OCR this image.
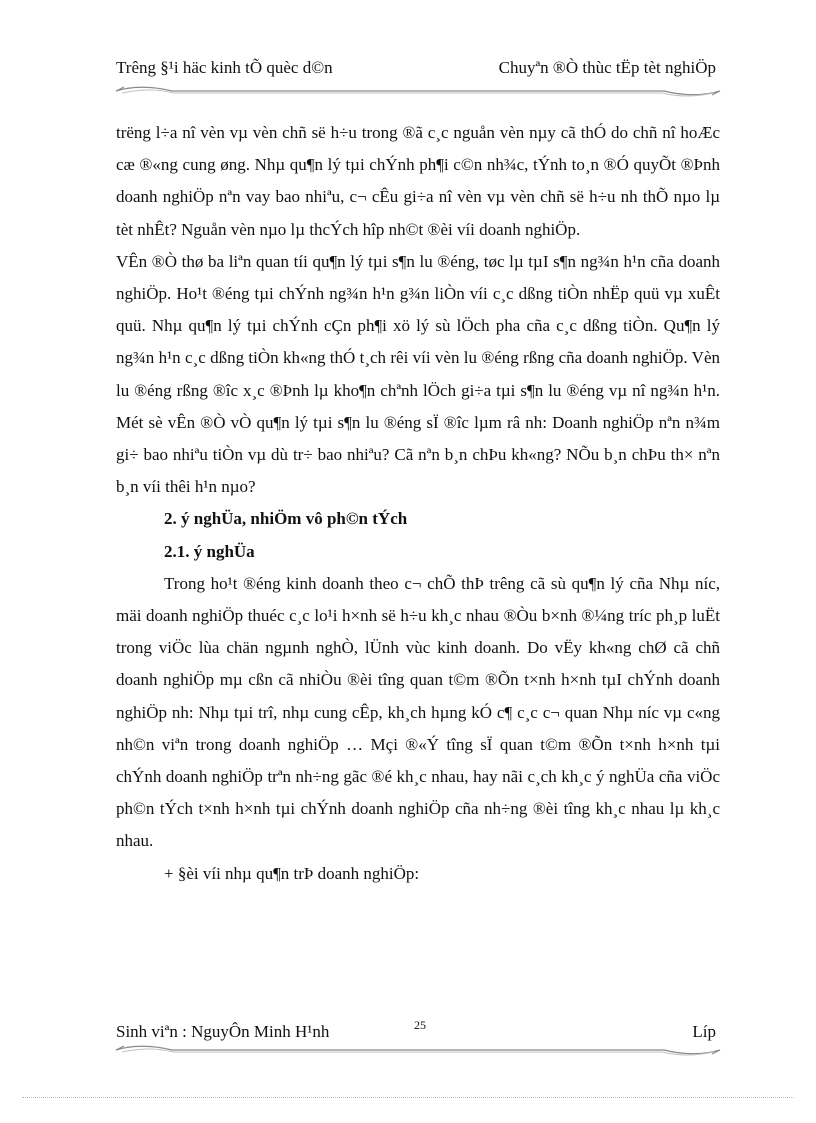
Trêng §¹i häc kinh tÕ quèc d©n	Chuyªn ®Ò thùc tËp tèt nghiÖp

trëng l÷a nî vèn vµ vèn chñ së h÷u trong ®ã c¸c nguån vèn nµy cã thÓ do chñ nî hoÆc cæ ®«ng cung øng. Nhµ qu¶n lý tµi chÝnh ph¶i c©n nh¾c, tÝnh to¸n ®Ó quyÕt ®Þnh doanh nghiÖp nªn vay bao nhiªu, c¬ cÊu gi÷a nî vèn vµ vèn chñ së h÷u nh thÕ nµo lµ tèt nhÊt? Nguån vèn nµo lµ thcÝch hîp nh©t ®èi víi doanh nghiÖp.

VÊn ®Ò thø ba liªn quan tíi qu¶n lý tµi s¶n lu ®éng, tøc lµ tµI s¶n ng¾n h¹n cña doanh nghiÖp. Ho¹t ®éng tµi chÝnh ng¾n h¹n g¾n liÒn víi c¸c dßng tiÒn nhËp quü vµ xuÊt quü. Nhµ qu¶n lý tµi chÝnh cÇn ph¶i xö lý sù lÖch pha cña c¸c dßng tiÒn. Qu¶n lý ng¾n h¹n c¸c dßng tiÒn kh«ng thÓ t¸ch rêi víi vèn lu ®éng rßng cña doanh nghiÖp. Vèn lu ®éng rßng ®îc x¸c ®Þnh lµ kho¶n chªnh lÖch gi÷a tµi s¶n lu ®éng vµ nî ng¾n h¹n. Mét sè vÊn ®Ò vÒ qu¶n lý tµi s¶n lu ®éng sÏ ®îc lµm râ nh: Doanh nghiÖp nªn n¾m gi÷ bao nhiªu tiÒn vµ dù tr÷ bao nhiªu? Cã nªn b¸n chÞu kh«ng? NÕu b¸n chÞu th× nªn b¸n víi thêi h¹n nµo?

2. ý nghÜa, nhiÖm vô ph©n tÝch

2.1. ý nghÜa

Trong ho¹t ®éng kinh doanh theo c¬ chÕ thÞ trêng cã sù qu¶n lý cña Nhµ níc, mäi doanh nghiÖp thuéc c¸c lo¹i h×nh së h÷u kh¸c nhau ®Òu b×nh ®¼ng tríc ph¸p luËt trong viÖc lùa chän ngµnh nghÒ, lÜnh vùc kinh doanh. Do vËy kh«ng chØ cã chñ doanh nghiÖp mµ cßn cã nhiÒu ®èi tîng quan t©m ®Õn t×nh h×nh tµI chÝnh doanh nghiÖp nh: Nhµ tµi trî, nhµ cung cÊp, kh¸ch hµng kÓ c¶ c¸c c¬ quan Nhµ níc vµ c«ng nh©n viªn trong doanh nghiÖp … Mçi ®«Ý tîng sÏ quan t©m ®Õn t×nh h×nh tµi chÝnh doanh nghiÖp trªn nh÷ng gãc ®é kh¸c nhau, hay nãi c¸ch kh¸c ý nghÜa cña viÖc ph©n tÝch t×nh h×nh tµi chÝnh doanh nghiÖp cña nh÷ng ®èi tîng kh¸c nhau lµ kh¸c nhau.

+ §èi víi nhµ qu¶n trÞ doanh nghiÖp:

Sinh viªn : NguyÔn Minh H¹nh	25	Líp
